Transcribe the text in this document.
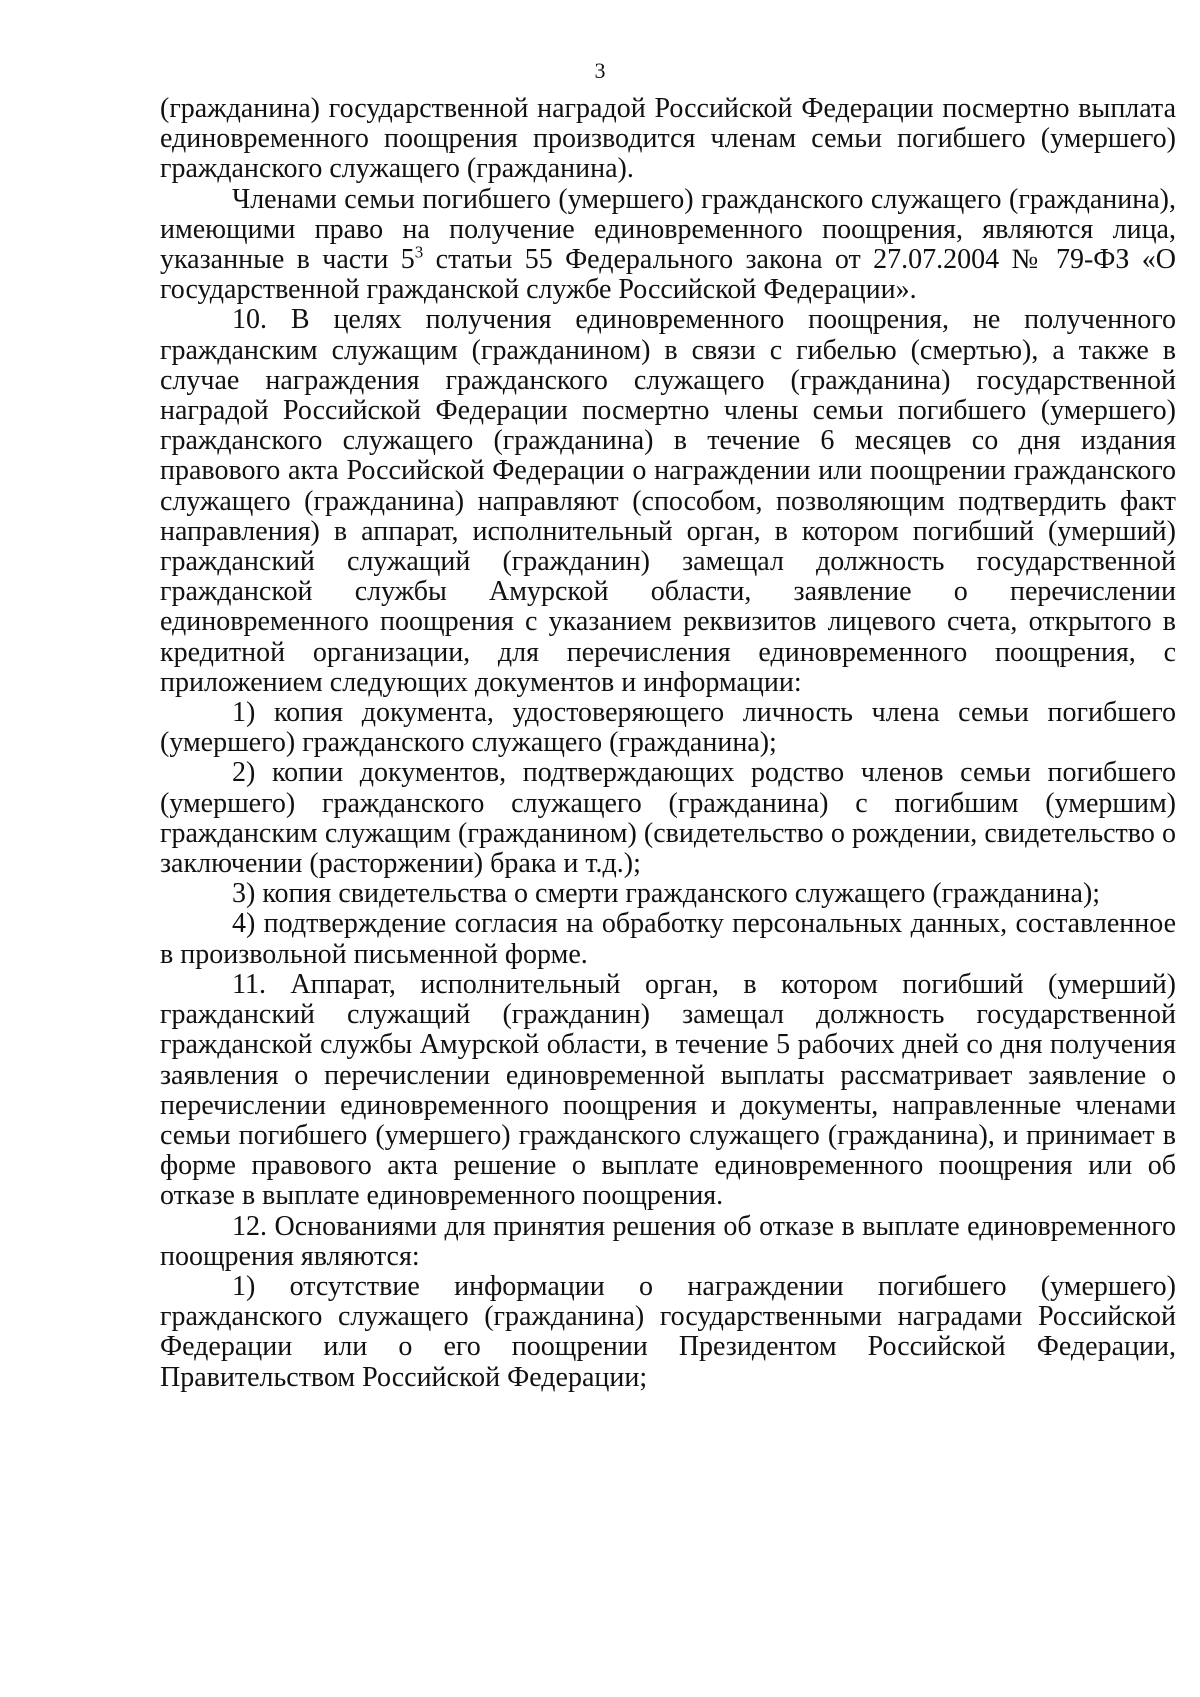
3

(гражданина) государственной наградой Российской Федерации посмертно выплата единовременного поощрения производится членам семьи погибшего (умершего) гражданского служащего (гражданина).

Членами семьи погибшего (умершего) гражданского служащего (гражданина), имеющими право на получение единовременного поощрения, являются лица, указанные в части $5^3$ статьи 55 Федерального закона от 27.07.2004 № 79-ФЗ «О государственной гражданской службе Российской Федерации».

10. В целях получения единовременного поощрения, не полученного гражданским служащим (гражданином) в связи с гибелью (смертью), а также в случае награждения гражданского служащего (гражданина) государственной наградой Российской Федерации посмертно члены семьи погибшего (умершего) гражданского служащего (гражданина) в течение 6 месяцев со дня издания правового акта Российской Федерации о награждении или поощрении гражданского служащего (гражданина) направляют (способом, позволяющим подтвердить факт направления) в аппарат, исполнительный орган, в котором погибший (умерший) гражданский служащий (гражданин) замещал должность государственной гражданской службы Амурской области, заявление о перечислении единовременного поощрения с указанием реквизитов лицевого счета, открытого в кредитной организации, для перечисления единовременного поощрения, с приложением следующих документов и информации:

1) копия документа, удостоверяющего личность члена семьи погибшего (умершего) гражданского служащего (гражданина);

2) копии документов, подтверждающих родство членов семьи погибшего (умершего) гражданского служащего (гражданина) с погибшим (умершим) гражданским служащим (гражданином) (свидетельство о рождении, свидетельство о заключении (расторжении) брака и т.д.);

3) копия свидетельства о смерти гражданского служащего (гражданина);

4) подтверждение согласия на обработку персональных данных, составленное в произвольной письменной форме.

11. Аппарат, исполнительный орган, в котором погибший (умерший) гражданский служащий (гражданин) замещал должность государственной гражданской службы Амурской области, в течение 5 рабочих дней со дня получения заявления о перечислении единовременной выплаты рассматривает заявление о перечислении единовременного поощрения и документы, направленные членами семьи погибшего (умершего) гражданского служащего (гражданина), и принимает в форме правового акта решение о выплате единовременного поощрения или об отказе в выплате единовременного поощрения.

12. Основаниями для принятия решения об отказе в выплате единовременного поощрения являются:

1) отсутствие информации о награждении погибшего (умершего) гражданского служащего (гражданина) государственными наградами Российской Федерации или о его поощрении Президентом Российской Федерации, Правительством Российской Федерации;
